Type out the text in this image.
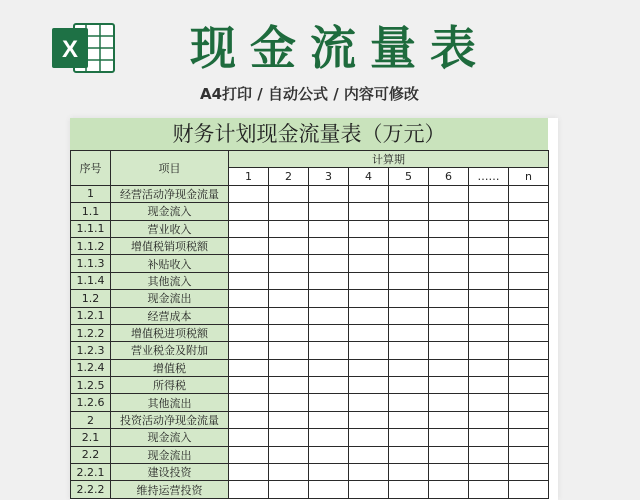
X 现金流量表
A4打印 / 自动公式 / 内容可修改
财务计划现金流量表（万元）
序号	项目	计算期							
		1	2	3	4	5	6	……	n
1	经营活动净现金流量								
1.1	现金流入								
1.1.1	营业收入								
1.1.2	增值税销项税额								
1.1.3	补贴收入								
1.1.4	其他流入								
1.2	现金流出								
1.2.1	经营成本								
1.2.2	增值税进项税额								
1.2.3	营业税金及附加								
1.2.4	增值税								
1.2.5	所得税								
1.2.6	其他流出								
2	投资活动净现金流量								
2.1	现金流入								
2.2	现金流出								
2.2.1	建设投资								
2.2.2	维持运营投资								
